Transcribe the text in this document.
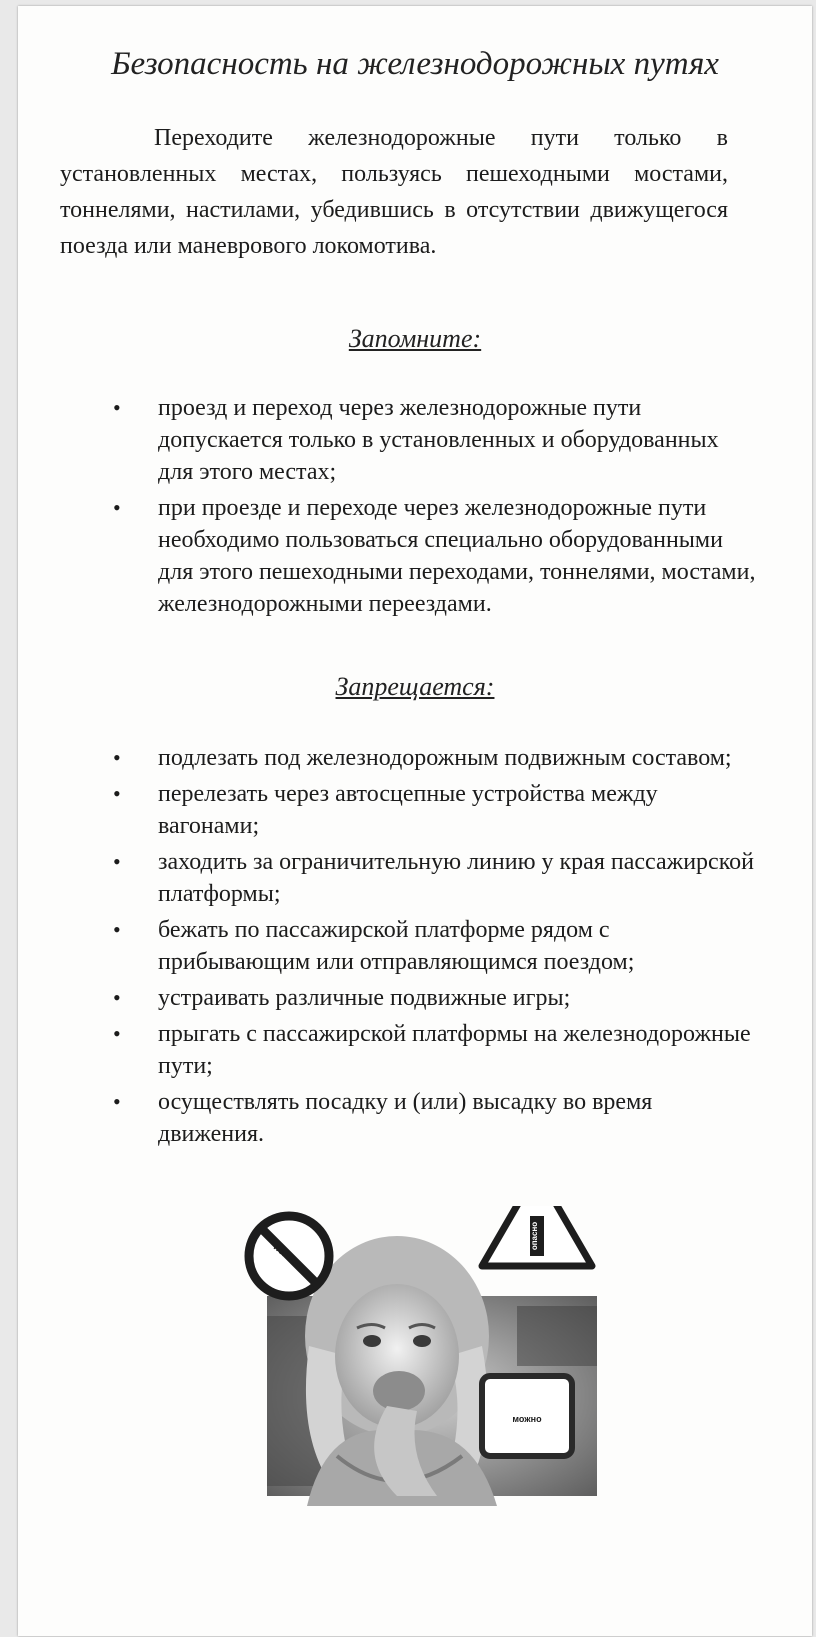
Безопасность на железнодорожных путях

Переходите железнодорожные пути только в установленных местах, пользуясь пешеходными мостами, тоннелями, настилами, убедившись в отсутствии движущегося поезда или маневрового локомотива.

Запомните:
• проезд и переход через железнодорожные пути допускается только в установленных и оборудованных для этого местах;
• при проезде и переходе через железнодорожные пути необходимо пользоваться специально оборудованными для этого пешеходными переходами, тоннелями, мостами, железнодорожными переездами.
Запрещается:
• подлезать под железнодорожным подвижным составом;
• перелезать через автосцепные устройства между вагонами;
• заходить за ограничительную линию у края пассажирской платформы;
• бежать по пассажирской платформе рядом с прибывающим или отправляющимся поездом;
• устраивать различные подвижные игры;
• прыгать с пассажирской платформы на железнодорожные пути;
• осуществлять посадку и (или) высадку во время движения.
нельзя
опасно
можно
